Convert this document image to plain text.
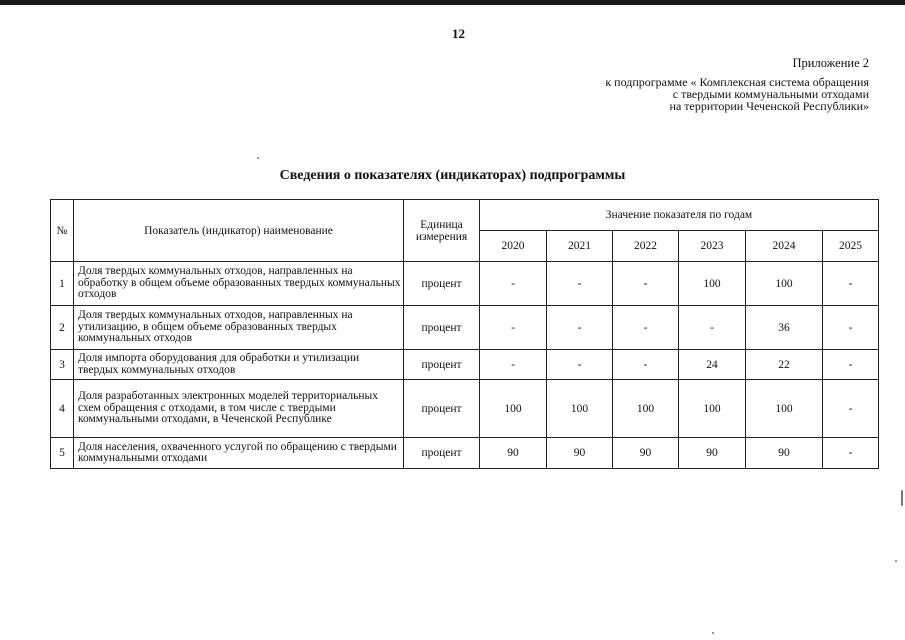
12
Приложение 2
к подпрограмме « Комплексная система обращения
с твердыми коммунальными отходами
на территории Чеченской Республики»
Сведения о показателях (индикаторах) подпрограммы
№	Показатель (индикатор) наименование	Единица измерения	Значение показателя по годам					
			2020	2021	2022	2023	2024	2025
1	Доля твердых коммунальных отходов, направленных на обработку в общем объеме образованных твердых коммунальных отходов	процент	-	-	-	100	100	-
2	Доля твердых коммунальных отходов, направленных на утилизацию, в общем объеме образованных твердых коммунальных отходов	процент	-	-	-	-	36	-
3	Доля импорта оборудования для обработки и утилизации твердых коммунальных отходов	процент	-	-	-	24	22	-
4	Доля разработанных электронных моделей территориальных схем обращения с отходами, в том числе с твердыми коммунальными отходами, в Чеченской Республике	процент	100	100	100	100	100	-
5	Доля населения, охваченного услугой по обращению с твердыми коммунальными отходами	процент	90	90	90	90	90	-
